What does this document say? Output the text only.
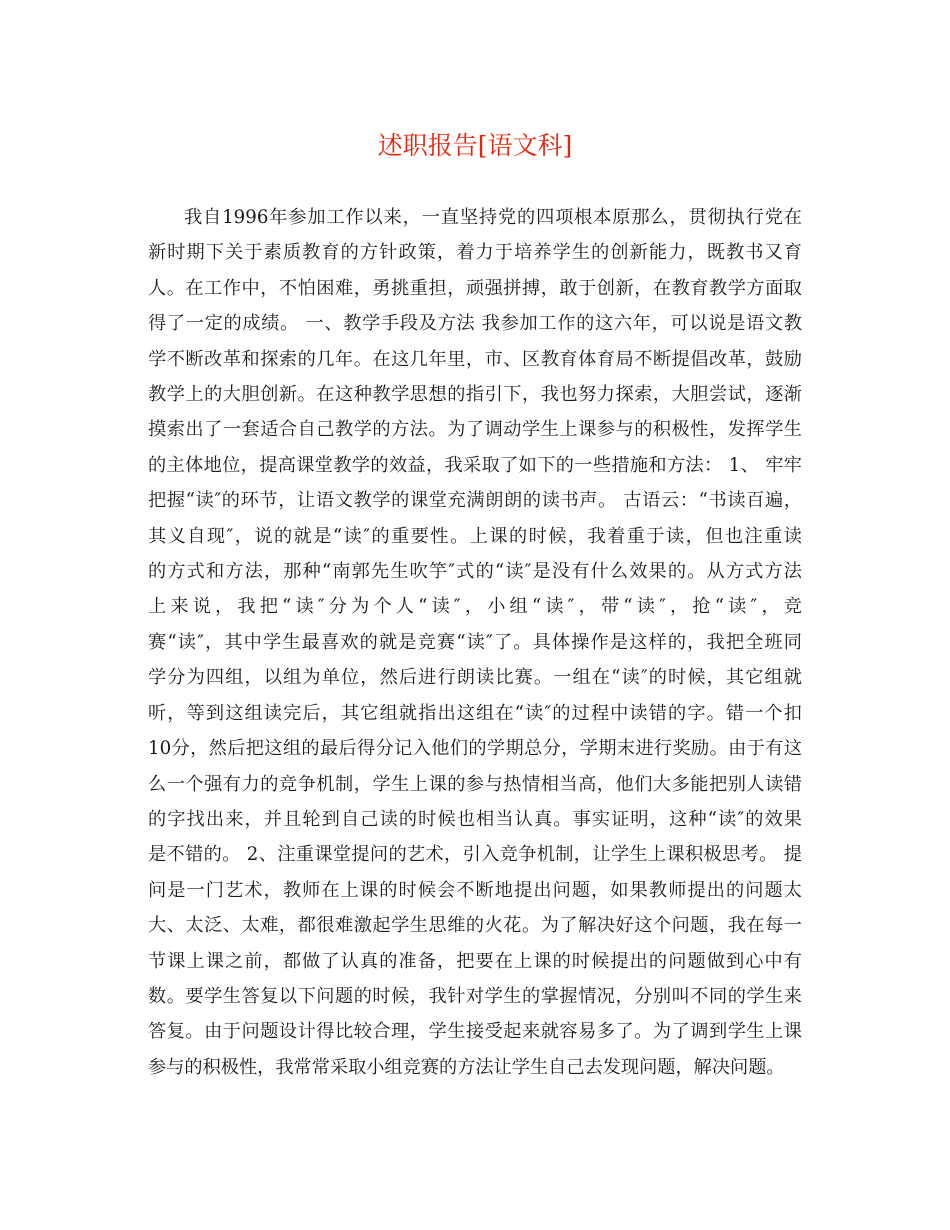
述职报告[语文科]

我自1996年参加工作以来，一直坚持党的四项根本原那么，贯彻执行党在

新时期下关于素质教育的方针政策，着力于培养学生的创新能力，既教书又育

人。在工作中，不怕困难，勇挑重担，顽强拼搏，敢于创新，在教育教学方面取

得了一定的成绩。 一、教学手段及方法 我参加工作的这六年，可以说是语文教

学不断改革和探索的几年。在这几年里，市、区教育体育局不断提倡改革，鼓励

教学上的大胆创新。在这种教学思想的指引下，我也努力探索，大胆尝试，逐渐

摸索出了一套适合自己教学的方法。为了调动学生上课参与的积极性，发挥学生

的主体地位，提高课堂教学的效益，我采取了如下的一些措施和方法： 1、 牢牢

把握“读″的环节，让语文教学的课堂充满朗朗的读书声。 古语云：“书读百遍，

其义自现″，说的就是“读″的重要性。上课的时候，我着重于读，但也注重读

的方式和方法，那种“南郭先生吹竽″式的“读″是没有什么效果的。从方式方法

上来说，我把“读″分为个人“读″，小组“读″，带“读″，抢“读″，竞

赛“读″，其中学生最喜欢的就是竞赛“读″了。具体操作是这样的，我把全班同

学分为四组，以组为单位，然后进行朗读比赛。一组在“读″的时候，其它组就

听，等到这组读完后，其它组就指出这组在“读″的过程中读错的字。错一个扣

10分，然后把这组的最后得分记入他们的学期总分，学期末进行奖励。由于有这

么一个强有力的竞争机制，学生上课的参与热情相当高，他们大多能把别人读错

的字找出来，并且轮到自己读的时候也相当认真。事实证明，这种“读″的效果

是不错的。 2、注重课堂提问的艺术，引入竞争机制，让学生上课积极思考。 提

问是一门艺术，教师在上课的时候会不断地提出问题，如果教师提出的问题太

大、太泛、太难，都很难激起学生思维的火花。为了解决好这个问题，我在每一

节课上课之前，都做了认真的准备，把要在上课的时候提出的问题做到心中有

数。要学生答复以下问题的时候，我针对学生的掌握情况，分别叫不同的学生来

答复。由于问题设计得比较合理，学生接受起来就容易多了。为了调到学生上课

参与的积极性，我常常采取小组竞赛的方法让学生自己去发现问题，解决问题。
